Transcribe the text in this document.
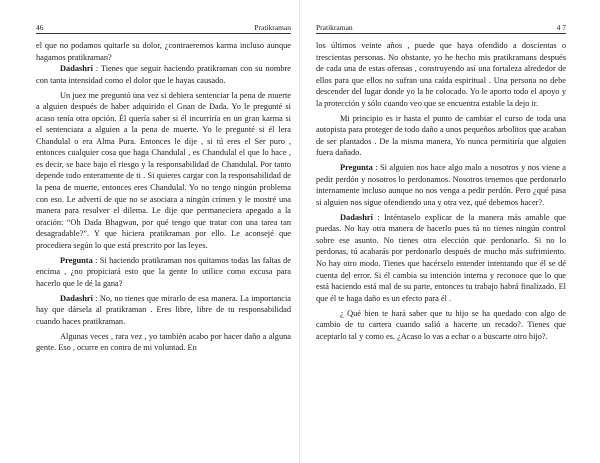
46	Pratikraman

el que no podamos quitarle su dolor, ¿contraeremos karma incluso aunque hagamos pratikraman?

Dadashri : Tienes que seguir haciendo pratikraman con su nombre con tanta intensidad como el dolor que le hayas causado.

Un juez me preguntó una vez si debiera sentenciar la pena de muerte a alguien después de haber adquirido el Gnan de Dada. Yo le pregunté si acaso tenía otra opción. Él quería saber si él incurriría en un gran karma si el sentenciara a alguien a la pena de muerte. Yo le pregunté si él lera Chandulal o era Alma Pura. Entonces le dije , si tú eres el Ser puro , entonces cualquier cosa que haga Chandulal , es Chandulal el que lo hace , es decir, se hace bajo el riesgo y la responsabilidad de Chandulal. Por tanto depende todo enteramente de ti . Si quieres cargar con la responsabilidad de la pena de muerte, entonces eres Chandulal. Yo no tengo ningún problema con eso. Le advertí de que no se asociara a ningún crimen y le mostré una manera para resolver el dilema. Le dije que permaneciera apegado a la oración: “Oh Dada Bhagwan, por qué tengo que tratar con una tarea tan desagradable?”. Y que hiciera pratikraman por ello. Le aconsejé que procediera según lo que está prescrito por las leyes.

Pregunta : Si haciendo pratikraman nos quitamos todas las faltas de encima , ¿no propiciará esto que la gente lo utilice como excusa para hacerlo que le dé la gana?

Dadashri : No, no tienes que mirarlo de esa manera. La importancia hay que dársela al pratikraman . Eres libre, libre de tu responsabilidad cuando haces pratikraman.

Algunas veces , rara vez , yo también acabo por hacer daño a alguna gente. Eso , ocurre en contra de mi voluntad. En

Pratikraman	4 7

los últimos veinte años , puede que haya ofendido a doscientas o trescientas personas. No obstante, yo he hecho mis pratikramans después de cada una de estas ofensas , construyendo así una fortaleza alrededor de ellos para que ellos no sufran una caída espiritual . Una persona no debe descender del lugar donde yo la he colocado. Yo le aporto todo el apoyo y la protección y sólo cuando veo que se encuentra estable la dejo ir.

Mi principio es ir hasta el punto de cambiar el curso de toda una autopista para proteger de todo daño a unos pequeños arbolitos que acaban de ser plantados . De la misma manera, Yo nunca permitiría que alguien fuera dañado.

Pregunta : Si alguien nos hace algo malo a nosotros y nos viene a pedir perdón y nosotros lo perdonamos. Nosotros tenemos que perdonarlo internamente incluso aunque no nos venga a pedir perdón. Pero ¿qué pasa si alguien nos sigue ofendiendo una y otra vez, qué debemos hacer?.

Dadashri : Inténtaselo explicar de la manera más amable que puedas. No hay otra manera de hacerlo pues tú no tienes ningún control sobre ese asunto. No tienes otra elección que perdonarlo. Si no lo perdonas, tú acabarás por perdonarlo después de mucho más sufrimiento. No hay otro modo. Tienes que hacérselo entender intentando que él se dé cuenta del error. Si él cambia su intención interna y reconoce que lo que está haciendo está mal de su parte, entonces tu trabajo habrá finalizado. El que él te haga daño es un efecto para él .

¿ Qué bien te hará saber que tu hijo se ha quedado con algo de cambio de tu cartera cuando salió a hacerte un recado?. Tienes que aceptarlo tal y como es. ¿Acaso lo vas a echar o a buscarte otro hijo?.
